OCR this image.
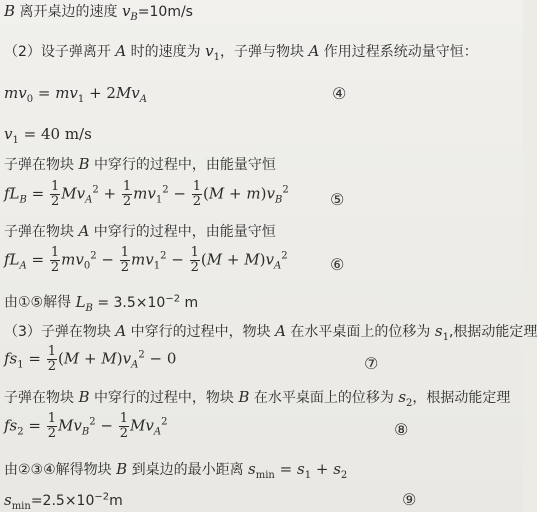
B 离开桌边的速度 $v_B=10m/s$
（2）设子弹离开 A 时的速度为 $v_1$，子弹与物块 A 作用过程系统动量守恒：
$mv_0 = mv_1 + 2Mv_A$	④
$v_1 = 40$ m/s
子弹在物块 B 中穿行的过程中，由能量守恒
$fL_B = \frac{1}{2} Mv_A^2 + \frac{1}{2} mv_1^2 - \frac{1}{2} (M + m)v_B^2$	⑤
子弹在物块 A 中穿行的过程中，由能量守恒
$fL_A = \frac{1}{2} mv_0^2 - \frac{1}{2} mv_1^2 - \frac{1}{2} (M + M)v_A^2$	⑥
由①⑤解得 $L_B = 3.5\times 10^{-2}$ m
（3）子弹在物块 A 中穿行的过程中，物块 A 在水平桌面上的位移为 $s_1$,根据动能定理
$fs_1 = \frac{1}{2} (M + M)v_A^2 - 0$	⑦
子弹在物块 B 中穿行的过程中，物块 B 在水平桌面上的位移为 $s_2$，根据动能定理
$fs_2 = \frac{1}{2} Mv_B^2 - \frac{1}{2} Mv_A^2$	⑧
由②③④解得物块 B 到桌边的最小距离 $s_{min} = s_1 + s_2$
$s_{min}=2.5\times 10^{-2}m$	⑨
